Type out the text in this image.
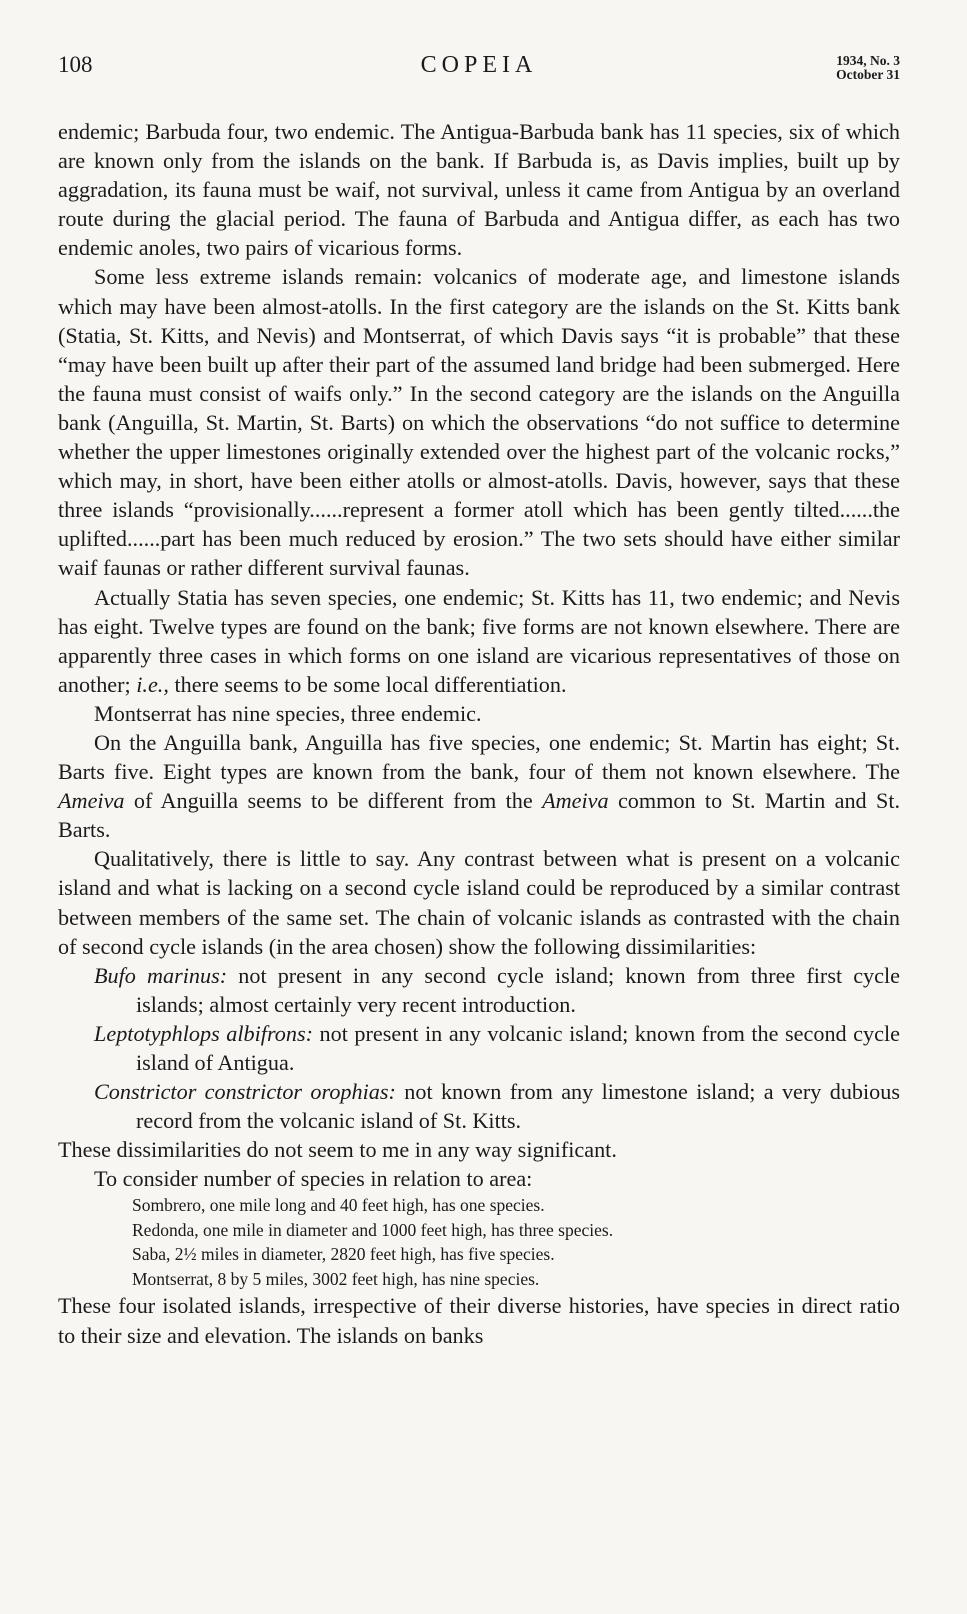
COPEIA
108	1934, No. 3
October 31

endemic; Barbuda four, two endemic. The Antigua-Barbuda bank has 11 species, six of which are known only from the islands on the bank. If Barbuda is, as Davis implies, built up by aggradation, its fauna must be waif, not survival, unless it came from Antigua by an overland route during the glacial period. The fauna of Barbuda and Antigua differ, as each has two endemic anoles, two pairs of vicarious forms.

Some less extreme islands remain: volcanics of moderate age, and limestone islands which may have been almost-atolls. In the first category are the islands on the St. Kitts bank (Statia, St. Kitts, and Nevis) and Montserrat, of which Davis says “it is probable” that these “may have been built up after their part of the assumed land bridge had been submerged. Here the fauna must consist of waifs only.” In the second category are the islands on the Anguilla bank (Anguilla, St. Martin, St. Barts) on which the observations “do not suffice to determine whether the upper limestones originally extended over the highest part of the volcanic rocks,” which may, in short, have been either atolls or almost-atolls. Davis, however, says that these three islands “provisionally......represent a former atoll which has been gently tilted......the uplifted......part has been much reduced by erosion.” The two sets should have either similar waif faunas or rather different survival faunas.

Actually Statia has seven species, one endemic; St. Kitts has 11, two endemic; and Nevis has eight. Twelve types are found on the bank; five forms are not known elsewhere. There are apparently three cases in which forms on one island are vicarious representatives of those on another; i.e., there seems to be some local differentiation.

Montserrat has nine species, three endemic.

On the Anguilla bank, Anguilla has five species, one endemic; St. Martin has eight; St. Barts five. Eight types are known from the bank, four of them not known elsewhere. The Ameiva of Anguilla seems to be different from the Ameiva common to St. Martin and St. Barts.

Qualitatively, there is little to say. Any contrast between what is present on a volcanic island and what is lacking on a second cycle island could be reproduced by a similar contrast between members of the same set. The chain of volcanic islands as contrasted with the chain of second cycle islands (in the area chosen) show the following dissimilarities:

Bufo marinus: not present in any second cycle island; known from three first cycle islands; almost certainly very recent introduction.

Leptotyphlops albifrons: not present in any volcanic island; known from the second cycle island of Antigua.

Constrictor constrictor orophias: not known from any limestone island; a very dubious record from the volcanic island of St. Kitts.

These dissimilarities do not seem to me in any way significant.

To consider number of species in relation to area:

Sombrero, one mile long and 40 feet high, has one species.

Redonda, one mile in diameter and 1000 feet high, has three species.

Saba, 2½ miles in diameter, 2820 feet high, has five species.

Montserrat, 8 by 5 miles, 3002 feet high, has nine species.

These four isolated islands, irrespective of their diverse histories, have species in direct ratio to their size and elevation. The islands on banks
